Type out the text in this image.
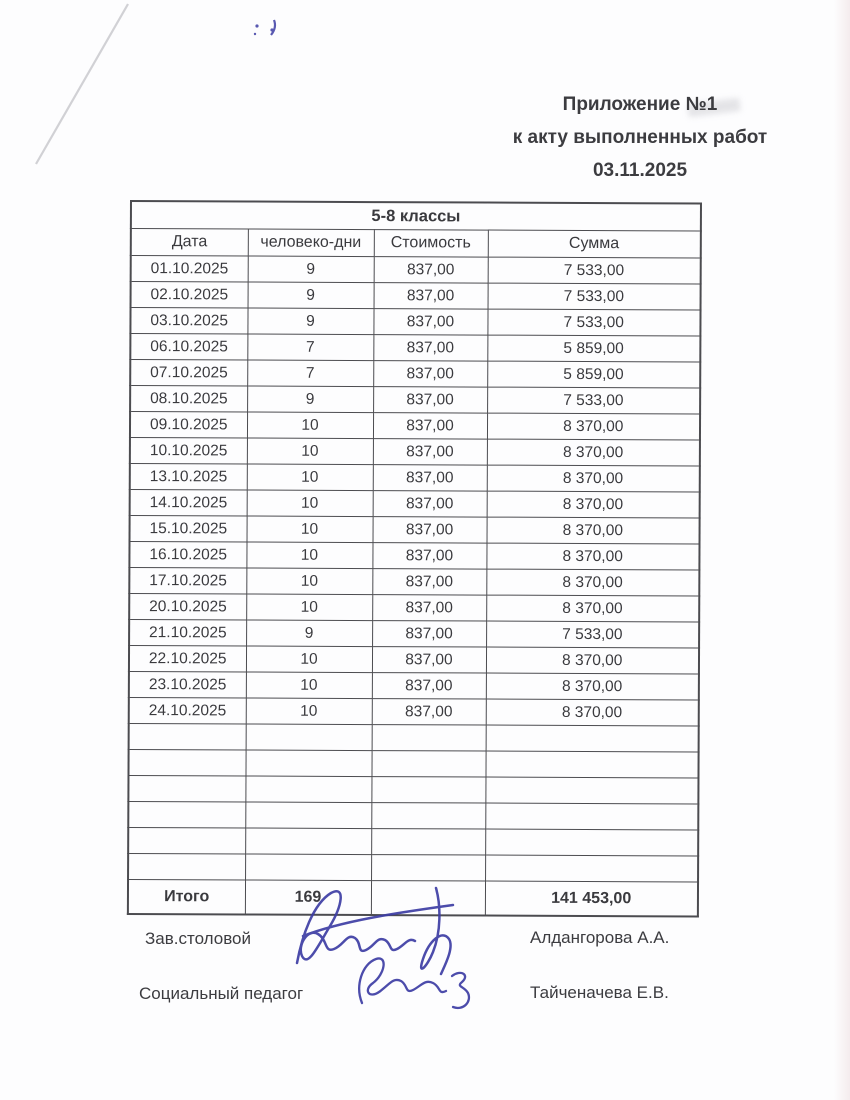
Приложение №1
к акту выполненных работ
03.11.2025
5-8 классы			
Дата	человеко-дни	Стоимость	Сумма
01.10.2025	9	837,00	7 533,00
02.10.2025	9	837,00	7 533,00
03.10.2025	9	837,00	7 533,00
06.10.2025	7	837,00	5 859,00
07.10.2025	7	837,00	5 859,00
08.10.2025	9	837,00	7 533,00
09.10.2025	10	837,00	8 370,00
10.10.2025	10	837,00	8 370,00
13.10.2025	10	837,00	8 370,00
14.10.2025	10	837,00	8 370,00
15.10.2025	10	837,00	8 370,00
16.10.2025	10	837,00	8 370,00
17.10.2025	10	837,00	8 370,00
20.10.2025	10	837,00	8 370,00
21.10.2025	9	837,00	7 533,00
22.10.2025	10	837,00	8 370,00
23.10.2025	10	837,00	8 370,00
24.10.2025	10	837,00	8 370,00

Итого	169		141 453,00
Зав.столовой	Алдангорова А.А.
Социальный педагог	Тайченачева Е.В.
